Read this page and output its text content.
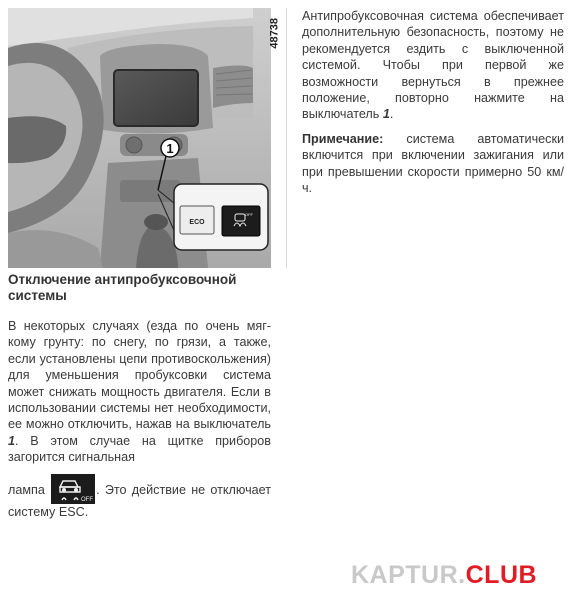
1
ECO
OFF
48738
Отключение антипробуксовочной системы

В некоторых случаях (езда по очень мяг-кому грунту: по снегу, по грязи, а также, если установлены цепи противоскольжения) для уменьшения пробуксовки система может снижать мощность двигателя. Если в использовании системы нет необходимости, ее можно отключить, нажав на выключатель 1. В этом случае на щитке приборов загорится сигнальная

лампа
OFF
. Это действие не отключает систему ESC.

Антипробуксовочная система обеспечивает дополнительную безопасность, поэтому не рекомендуется ездить с выключенной системой. Чтобы при первой же возможности вернуться в прежнее положение, повторно нажмите на выключатель 1.

Примечание: система автоматически включится при включении зажигания или при превышении скорости примерно 50 км/ч.

KAPTUR.CLUB
